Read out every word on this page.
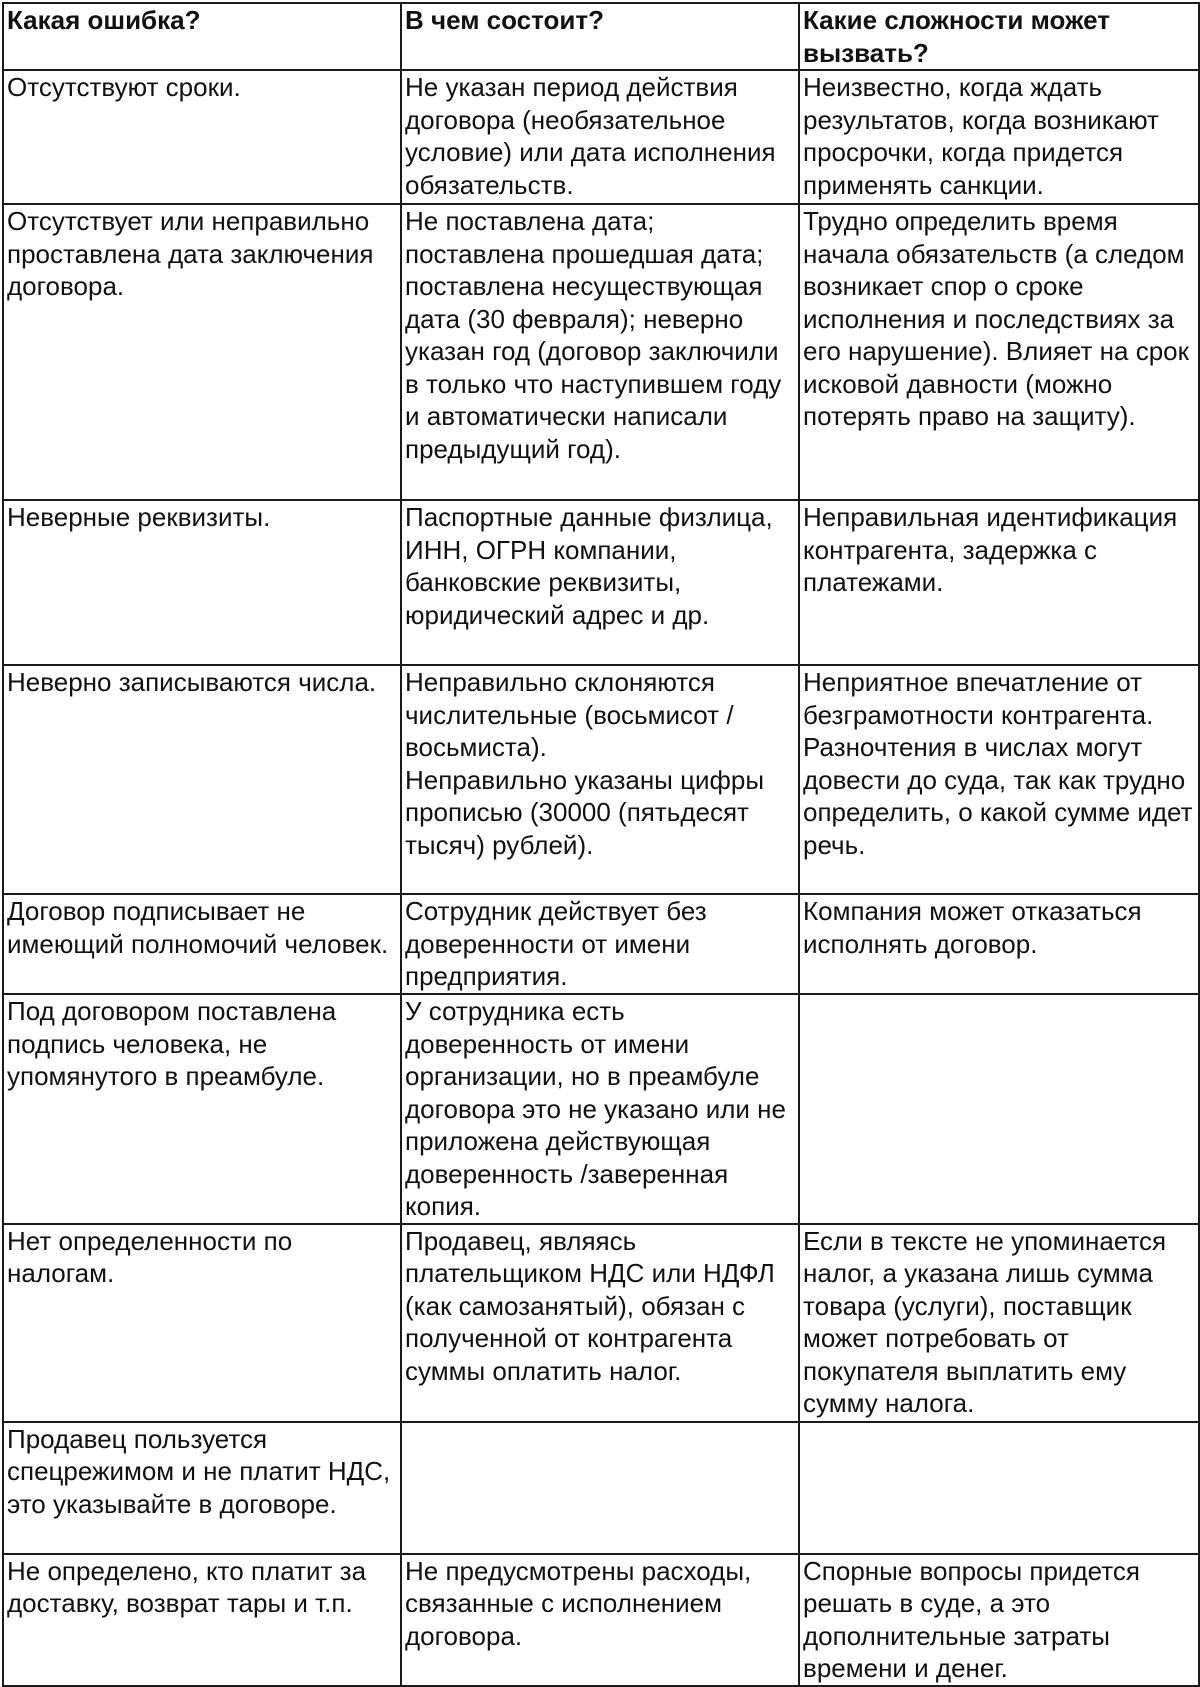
Какая ошибка?	В чем состоит?	Какие сложности может вызвать?

Отсутствуют сроки.	Не указан период действия договора (необязательное условие) или дата исполнения обязательств.	Неизвестно, когда ждать результатов, когда возникают просрочки, когда придется применять санкции.

Отсутствует или неправильно проставлена дата заключения договора.	Не поставлена дата; поставлена прошедшая дата; поставлена несуществующая дата (30 февраля); неверно указан год (договор заключили в только что наступившем году и автоматически написали предыдущий год).	Трудно определить время начала обязательств (а следом возникает спор о сроке исполнения и последствиях за его нарушение). Влияет на срок исковой давности (можно потерять право на защиту).

Неверные реквизиты.	Паспортные данные физлица, ИНН, ОГРН компании, банковские реквизиты, юридический адрес и др.	Неправильная идентификация контрагента, задержка с платежами.

Неверно записываются числа.	Неправильно склоняются числительные (восьмисот /восьмиста).
Неправильно указаны цифры прописью (30000 (пятьдесят тысяч) рублей).	Неприятное впечатление от безграмотности контрагента. Разночтения в числах могут довести до суда, так как трудно определить, о какой сумме идет речь.

Договор подписывает не имеющий полномочий человек.	Сотрудник действует без доверенности от имени предприятия.	Компания может отказаться исполнять договор.

Под договором поставлена подпись человека, не упомянутого в преамбуле.	У сотрудника есть доверенность от имени организации, но в преамбуле договора это не указано или не приложена действующая доверенность /заверенная копия.	

Нет определенности по налогам.	Продавец, являясь плательщиком НДС или НДФЛ (как самозанятый), обязан с полученной от контрагента суммы оплатить налог.	Если в тексте не упоминается налог, а указана лишь сумма товара (услуги), поставщик может потребовать от покупателя выплатить ему сумму налога.

Продавец пользуется спецрежимом и не платит НДС, это указывайте в договоре.		

Не определено, кто платит за доставку, возврат тары и т.п.	Не предусмотрены расходы, связанные с исполнением договора.	Спорные вопросы придется решать в суде, а это дополнительные затраты времени и денег.
